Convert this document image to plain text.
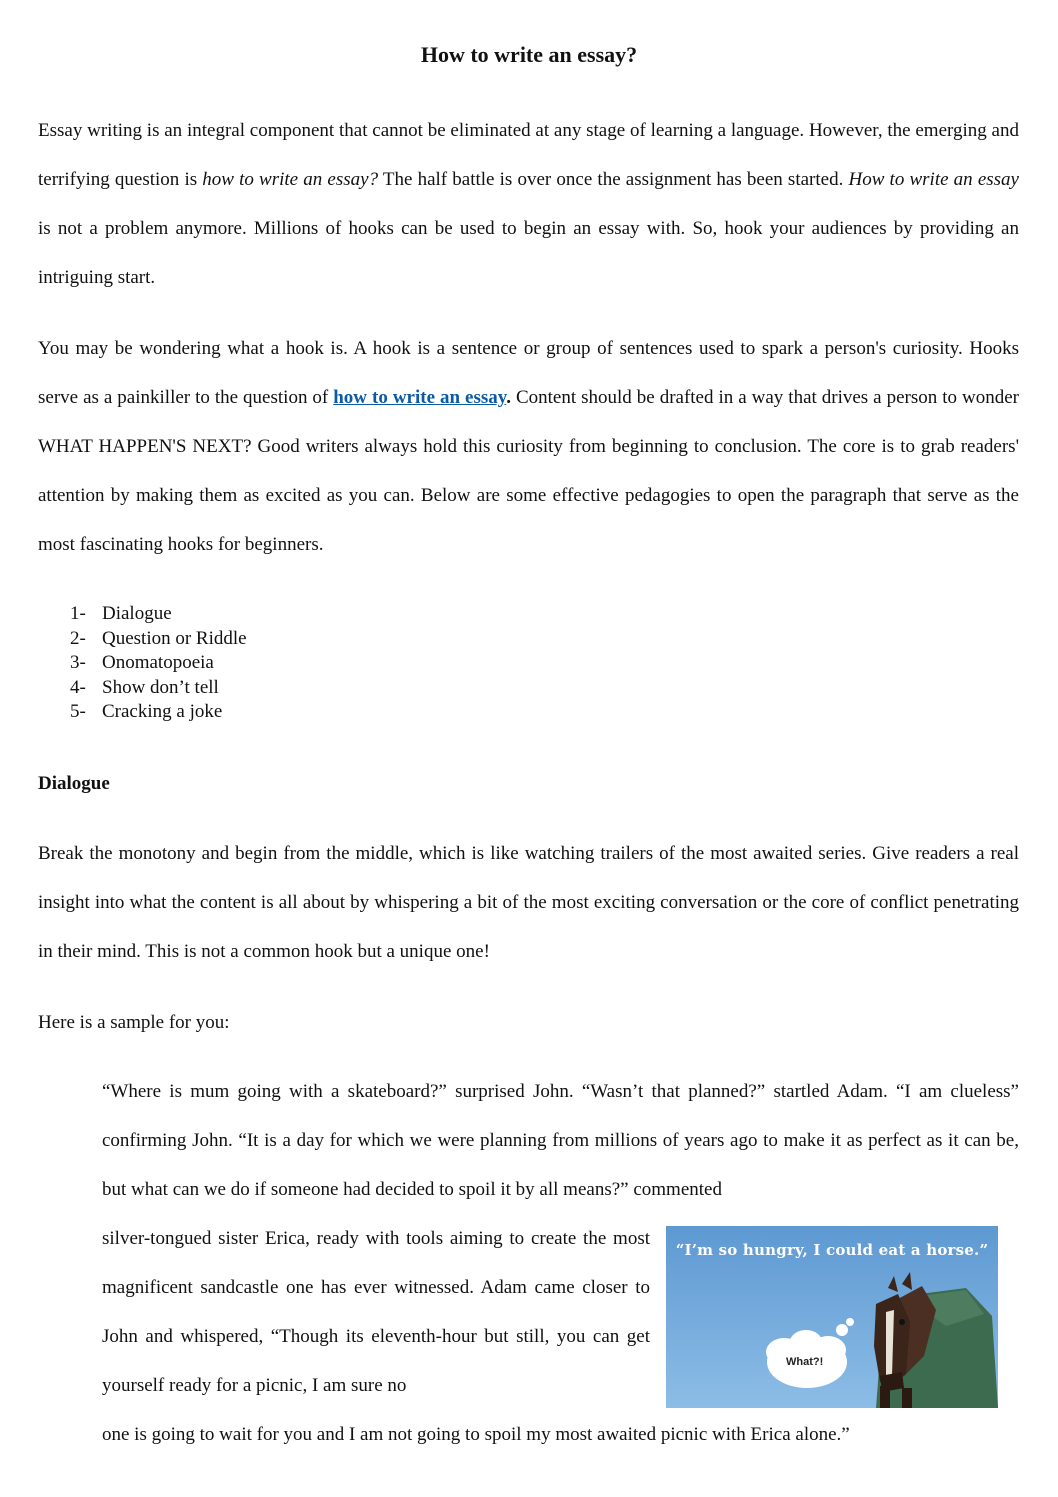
How to write an essay?

Essay writing is an integral component that cannot be eliminated at any stage of learning a language. However, the emerging and terrifying question is how to write an essay? The half battle is over once the assignment has been started. How to write an essay is not a problem anymore. Millions of hooks can be used to begin an essay with. So, hook your audiences by providing an intriguing start.

You may be wondering what a hook is. A hook is a sentence or group of sentences used to spark a person's curiosity. Hooks serve as a painkiller to the question of how to write an essay. Content should be drafted in a way that drives a person to wonder WHAT HAPPEN'S NEXT? Good writers always hold this curiosity from beginning to conclusion. The core is to grab readers' attention by making them as excited as you can. Below are some effective pedagogies to open the paragraph that serve as the most fascinating hooks for beginners.

1- Dialogue
2- Question or Riddle
3- Onomatopoeia
4- Show don’t tell
5- Cracking a joke
Dialogue

Break the monotony and begin from the middle, which is like watching trailers of the most awaited series. Give readers a real insight into what the content is all about by whispering a bit of the most exciting conversation or the core of conflict penetrating in their mind. This is not a common hook but a unique one!

Here is a sample for you:

“Where is mum going with a skateboard?” surprised John. “Wasn’t that planned?” startled Adam. “I am clueless” confirming John. “It is a day for which we were planning from millions of years ago to make it as perfect as it can be, but what can we do if someone had decided to spoil it by all means?” commented

silver-tongued sister Erica, ready with tools aiming to create the most magnificent sandcastle one has ever witnessed. Adam came closer to John and whispered, “Though its eleventh-hour but still, you can get yourself ready for a picnic, I am sure no

one is going to wait for you and I am not going to spoil my most awaited picnic with Erica alone.”

“I’m so hungry, I could eat a horse.”
What?!
